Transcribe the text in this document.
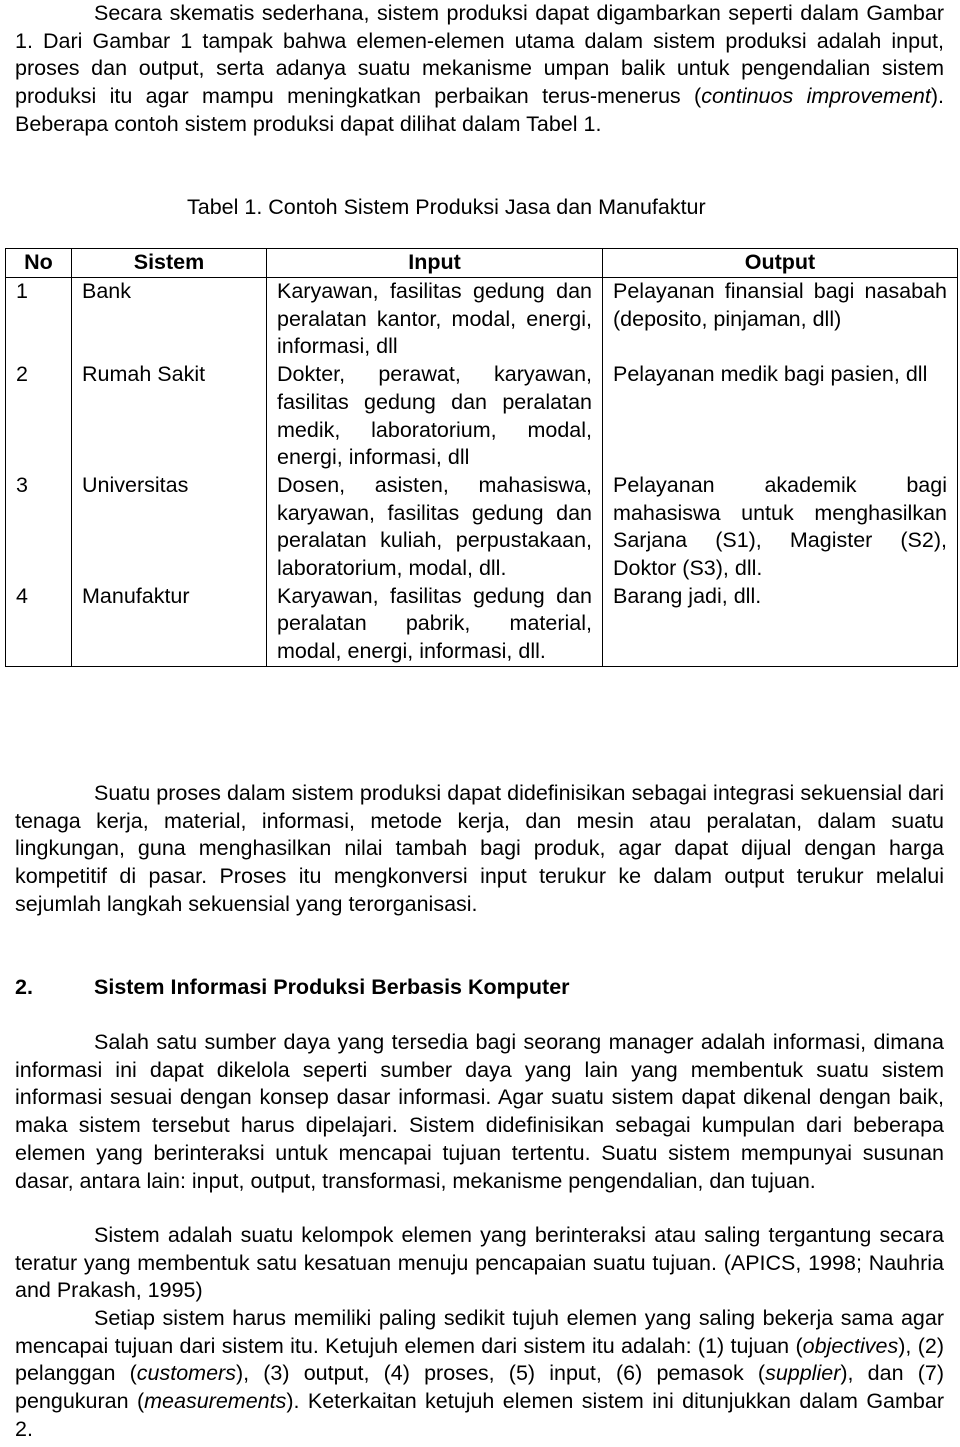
Secara skematis sederhana, sistem produksi dapat digambarkan seperti dalam Gambar 1. Dari Gambar 1 tampak bahwa elemen-elemen utama dalam sistem produksi adalah input, proses dan output, serta adanya suatu mekanisme umpan balik untuk pengendalian sistem produksi itu agar mampu meningkatkan perbaikan terus-menerus (continuos improvement). Beberapa contoh sistem produksi dapat dilihat dalam Tabel 1.

Tabel 1. Contoh Sistem Produksi Jasa dan Manufaktur
No	Sistem	Input	Output
1	Bank	Karyawan, fasilitas gedung dan peralatan kantor, modal, energi, informasi, dll	Pelayanan finansial bagi nasabah (deposito, pinjaman, dll)
2	Rumah Sakit	Dokter, perawat, karyawan, fasilitas gedung dan peralatan medik, laboratorium, modal, energi, informasi, dll	Pelayanan medik bagi pasien, dll
3	Universitas	Dosen, asisten, mahasiswa, karyawan, fasilitas gedung dan peralatan kuliah, perpustakaan, laboratorium, modal, dll.	Pelayanan akademik bagi mahasiswa untuk menghasilkan Sarjana (S1), Magister (S2), Doktor (S3), dll.
4	Manufaktur	Karyawan, fasilitas gedung dan peralatan pabrik, material, modal, energi, informasi, dll.	Barang jadi, dll.

Suatu proses dalam sistem produksi dapat didefinisikan sebagai integrasi sekuensial dari tenaga kerja, material, informasi, metode kerja, dan mesin atau peralatan, dalam suatu lingkungan, guna menghasilkan nilai tambah bagi produk, agar dapat dijual dengan harga kompetitif di pasar. Proses itu mengkonversi input terukur ke dalam output terukur melalui sejumlah langkah sekuensial yang terorganisasi.

2.	Sistem Informasi Produksi Berbasis Komputer

Salah satu sumber daya yang tersedia bagi seorang manager adalah informasi, dimana informasi ini dapat dikelola seperti sumber daya yang lain yang membentuk suatu sistem informasi sesuai dengan konsep dasar informasi. Agar suatu sistem dapat dikenal dengan baik, maka sistem tersebut harus dipelajari. Sistem didefinisikan sebagai kumpulan dari beberapa elemen yang berinteraksi untuk mencapai tujuan tertentu. Suatu sistem mempunyai susunan dasar, antara lain: input, output, transformasi, mekanisme pengendalian, dan tujuan.

Sistem adalah suatu kelompok elemen yang berinteraksi atau saling tergantung secara teratur yang membentuk satu kesatuan menuju pencapaian suatu tujuan. (APICS, 1998; Nauhria and Prakash, 1995)

Setiap sistem harus memiliki paling sedikit tujuh elemen yang saling bekerja sama agar mencapai tujuan dari sistem itu. Ketujuh elemen dari sistem itu adalah: (1) tujuan (objectives), (2) pelanggan (customers), (3) output, (4) proses, (5) input, (6) pemasok (supplier), dan (7) pengukuran (measurements). Keterkaitan ketujuh elemen sistem ini ditunjukkan dalam Gambar 2.
